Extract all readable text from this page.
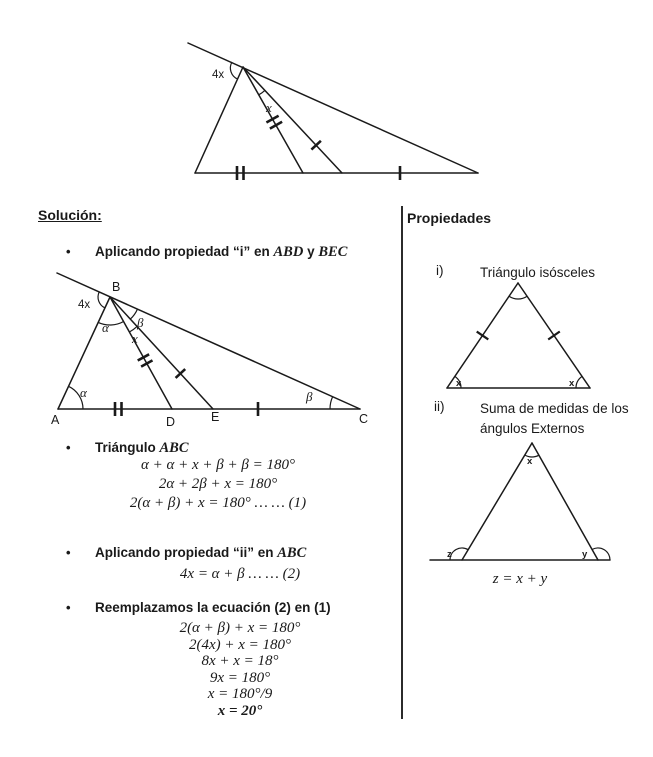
4x
x
Solución:
•	Aplicando propiedad “i” en ABD y BEC
B
4x
α β
x
α	β
A	D	E	C
•	Triángulo ABC
α + α + x + β + β = 180°
2α + 2β + x = 180°
2(α + β) + x = 180° … … (1)
•	Aplicando propiedad “ii” en ABC
4x = α + β … … (2)
•	Reemplazamos la ecuación (2) en (1)
2(α + β) + x = 180°
2(4x) + x = 180°
8x + x = 18°
9x = 180°
x = 180°/9
x = 20°
Propiedades
i)	Triángulo isósceles
x	x
ii)	Suma de medidas de los
ángulos Externos
x
z	y
z = x + y
